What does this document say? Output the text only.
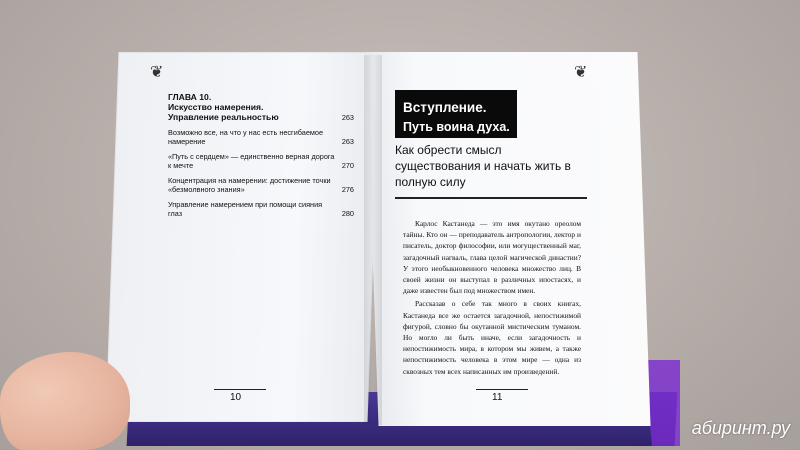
❦	❦
ГЛАВА 10.
Искусство намерения.
Управление реальностью	263
Возможно все, на что у нас есть несгибаемое намерение	263
«Путь с сердцем» — единственно верная дорога к мечте	270
Концентрация на намерении: достижение точки «безмолвного знания»	276
Управление намерением при помощи сияния глаз	280
10	11
Вступление.
Путь воина духа.
Как обрести смысл существования и начать жить в полную силу

Карлос Кастанеда — это имя окутано ореолом тайны. Кто он — преподаватель антропологии, лектор и писатель, доктор философии, или могущественный маг, загадочный нагваль, глава целой магической династии? У этого необыкновенного человека множество лиц. В своей жизни он выступал в различных ипостасях, и даже известен был под множеством имен.

Рассказав о себе так много в своих книгах, Кастанеда все же остается загадочной, непостижимой фигурой, словно бы окутанной мистическим туманом. Но могло ли быть иначе, если загадочность и непостижимость мира, в котором мы живем, а также непостижимость человека в этом мире — одна из сквозных тем всех написанных им произведений.

абиринт.ру
